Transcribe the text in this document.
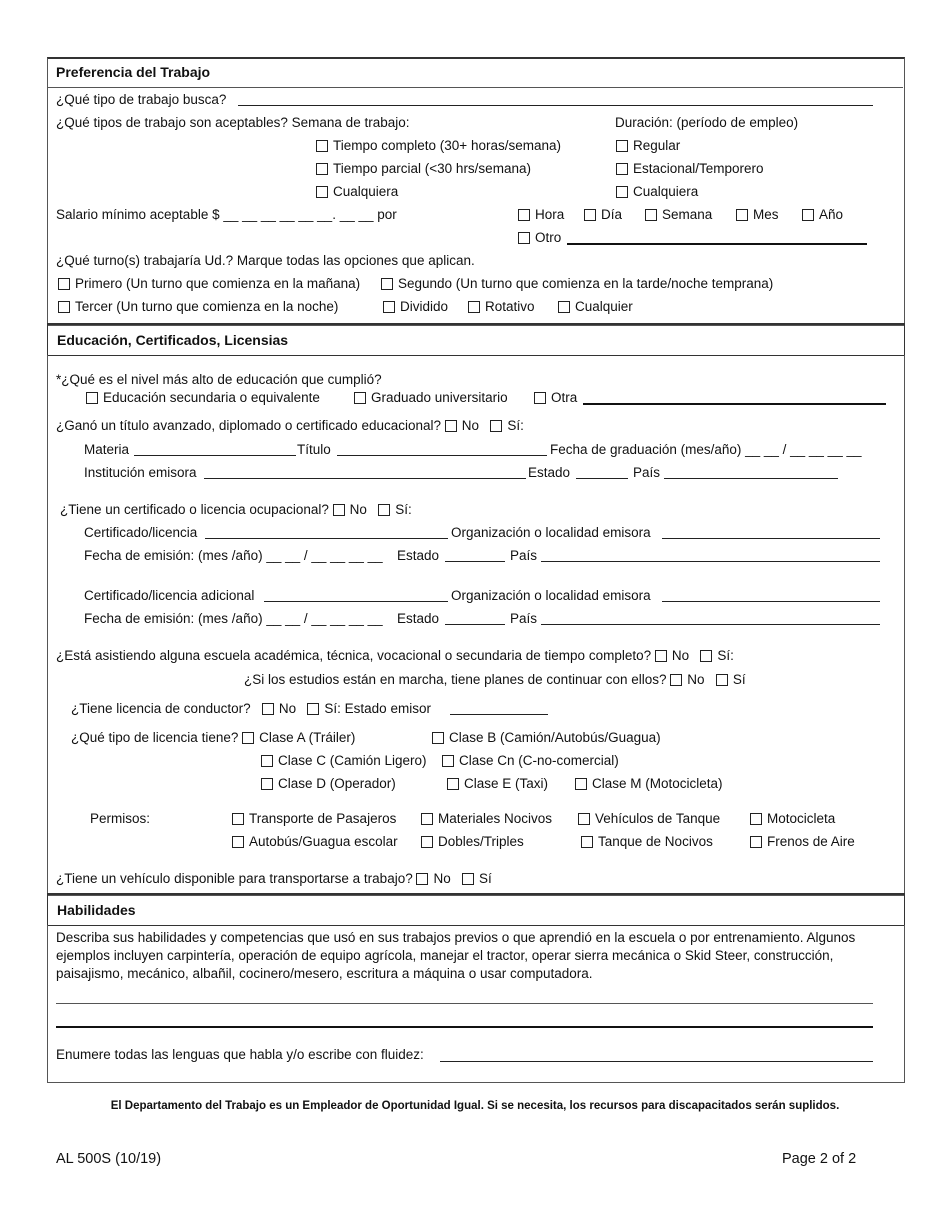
Preferencia del Trabajo
¿Qué tipo de trabajo busca?
¿Qué tipos de trabajo son aceptables? Semana de trabajo:	Duración: (período de empleo)
Tiempo completo (30+ horas/semana)
Tiempo parcial (<30 hrs/semana)
Cualquiera
Regular
Estacional/Temporero
Cualquiera
Salario mínimo aceptable $ __ __ __ __ __ __. __ __ por	Hora	Día	Semana	Mes	Año
Otro
¿Qué turno(s) trabajaría Ud.? Marque todas las opciones que aplican.
Primero (Un turno que comienza en la mañana)	Segundo (Un turno que comienza en la tarde/noche temprana)
Tercer (Un turno que comienza en la noche)	Dividido	Rotativo	Cualquier
Educación, Certificados, Licensias
*¿Qué es el nivel más alto de educación que cumplió?
Educación secundaria o equivalente	Graduado universitario	Otra
¿Ganó un título avanzado, diplomado o certificado educacional? No Sí:
Materia	Título	Fecha de graduación (mes/año) __ __ / __ __ __ __
Institución emisora	Estado	País
¿Tiene un certificado o licencia ocupacional? No Sí:
Certificado/licencia	Organización o localidad emisora
Fecha de emisión: (mes /año) __ __ / __ __ __ __ Estado	País
Certificado/licencia adicional	Organización o localidad emisora
Fecha de emisión: (mes /año) __ __ / __ __ __ __ Estado	País
¿Está asistiendo alguna escuela académica, técnica, vocacional o secundaria de tiempo completo? No Sí:
¿Si los estudios están en marcha, tiene planes de continuar con ellos? No Sí
¿Tiene licencia de conductor? No Sí: Estado emisor
¿Qué tipo de licencia tiene? Clase A (Tráiler)	Clase B (Camión/Autobús/Guagua)
Clase C (Camión Ligero)	Clase Cn (C-no-comercial)
Clase D (Operador)	Clase E (Taxi)	Clase M (Motocicleta)
Permisos:	Transporte de Pasajeros	Materiales Nocivos	Vehículos de Tanque	Motocicleta
Autobús/Guagua escolar	Dobles/Triples	Tanque de Nocivos	Frenos de Aire
¿Tiene un vehículo disponible para transportarse a trabajo? No Sí
Habilidades
Describa sus habilidades y competencias que usó en sus trabajos previos o que aprendió en la escuela o por entrenamiento. Algunos ejemplos incluyen carpintería, operación de equipo agrícola, manejar el tractor, operar sierra mecánica o Skid Steer, construcción, paisajismo, mecánico, albañil, cocinero/mesero, escritura a máquina o usar computadora.
Enumere todas las lenguas que habla y/o escribe con fluidez:
El Departamento del Trabajo es un Empleador de Oportunidad Igual. Si se necesita, los recursos para discapacitados serán suplidos.
AL 500S (10/19)	Page 2 of 2
